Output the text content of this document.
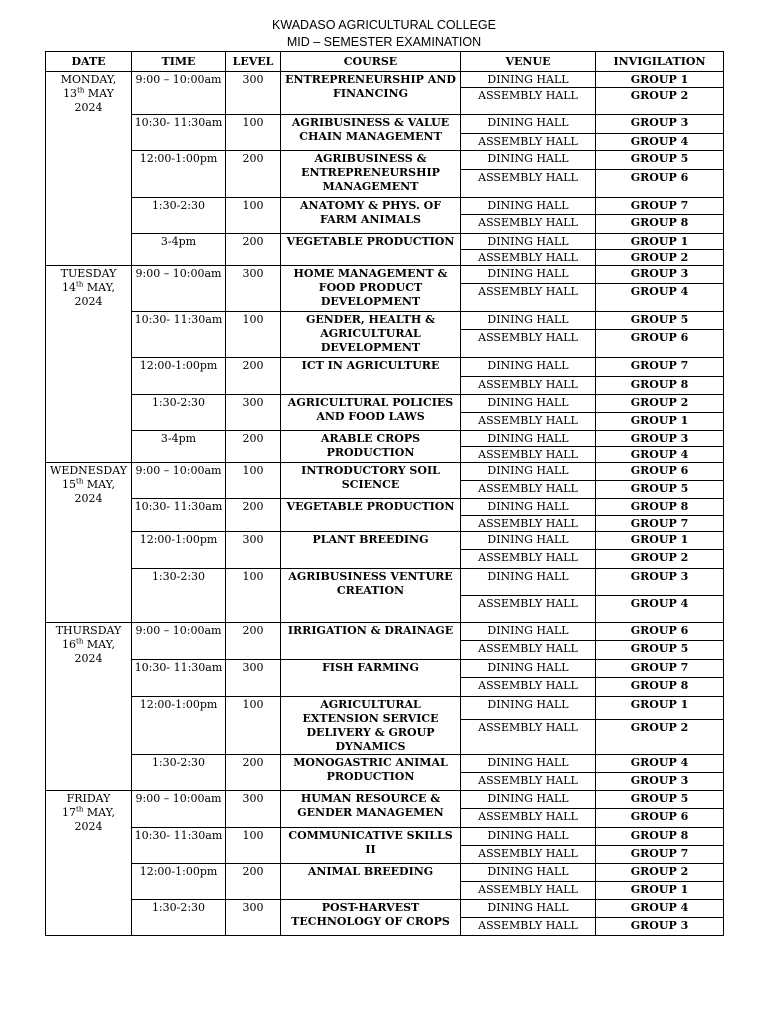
KWADASO AGRICULTURAL COLLEGE
MID – SEMESTER EXAMINATION
DATE	TIME	LEVEL	COURSE	VENUE	INVIGILATION

MONDAY,
13th MAY
2024	9:00 – 10:00am	300	ENTREPRENEURSHIP AND FINANCING	DINING HALL	GROUP 1
				ASSEMBLY HALL	GROUP 2
	10:30- 11:30am	100	AGRIBUSINESS & VALUE CHAIN MANAGEMENT	DINING HALL	GROUP 3
				ASSEMBLY HALL	GROUP 4
	12:00-1:00pm	200	AGRIBUSINESS & ENTREPRENEURSHIP MANAGEMENT	DINING HALL	GROUP 5
				ASSEMBLY HALL	GROUP 6
	1:30-2:30	100	ANATOMY & PHYS. OF FARM ANIMALS	DINING HALL	GROUP 7
				ASSEMBLY HALL	GROUP 8
	3-4pm	200	VEGETABLE PRODUCTION	DINING HALL	GROUP 1
				ASSEMBLY HALL	GROUP 2

TUESDAY
14th MAY,
2024	9:00 – 10:00am	300	HOME MANAGEMENT & FOOD PRODUCT DEVELOPMENT	DINING HALL	GROUP 3
				ASSEMBLY HALL	GROUP 4
	10:30- 11:30am	100	GENDER, HEALTH & AGRICULTURAL DEVELOPMENT	DINING HALL	GROUP 5
				ASSEMBLY HALL	GROUP 6
	12:00-1:00pm	200	ICT IN AGRICULTURE	DINING HALL	GROUP 7
				ASSEMBLY HALL	GROUP 8
	1:30-2:30	300	AGRICULTURAL POLICIES AND FOOD LAWS	DINING HALL	GROUP 2
				ASSEMBLY HALL	GROUP 1
	3-4pm	200	ARABLE CROPS PRODUCTION	DINING HALL	GROUP 3
				ASSEMBLY HALL	GROUP 4

WEDNESDAY
15th MAY,
2024	9:00 – 10:00am	100	INTRODUCTORY SOIL SCIENCE	DINING HALL	GROUP 6
				ASSEMBLY HALL	GROUP 5
	10:30- 11:30am	200	VEGETABLE PRODUCTION	DINING HALL	GROUP 8
				ASSEMBLY HALL	GROUP 7
	12:00-1:00pm	300	PLANT BREEDING	DINING HALL	GROUP 1
				ASSEMBLY HALL	GROUP 2
	1:30-2:30	100	AGRIBUSINESS VENTURE CREATION	DINING HALL	GROUP 3
				ASSEMBLY HALL	GROUP 4

THURSDAY
16th MAY,
2024	9:00 – 10:00am	200	IRRIGATION & DRAINAGE	DINING HALL	GROUP 6
				ASSEMBLY HALL	GROUP 5
	10:30- 11:30am	300	FISH FARMING	DINING HALL	GROUP 7
				ASSEMBLY HALL	GROUP 8
	12:00-1:00pm	100	AGRICULTURAL EXTENSION SERVICE DELIVERY & GROUP DYNAMICS	DINING HALL	GROUP 1
				ASSEMBLY HALL	GROUP 2
	1:30-2:30	200	MONOGASTRIC ANIMAL PRODUCTION	DINING HALL	GROUP 4
				ASSEMBLY HALL	GROUP 3

FRIDAY
17th MAY,
2024	9:00 – 10:00am	300	HUMAN RESOURCE & GENDER MANAGEMEN	DINING HALL	GROUP 5
				ASSEMBLY HALL	GROUP 6
	10:30- 11:30am	100	COMMUNICATIVE SKILLS II	DINING HALL	GROUP 8
				ASSEMBLY HALL	GROUP 7
	12:00-1:00pm	200	ANIMAL BREEDING	DINING HALL	GROUP 2
				ASSEMBLY HALL	GROUP 1
	1:30-2:30	300	POST-HARVEST TECHNOLOGY OF CROPS	DINING HALL	GROUP 4
				ASSEMBLY HALL	GROUP 3
